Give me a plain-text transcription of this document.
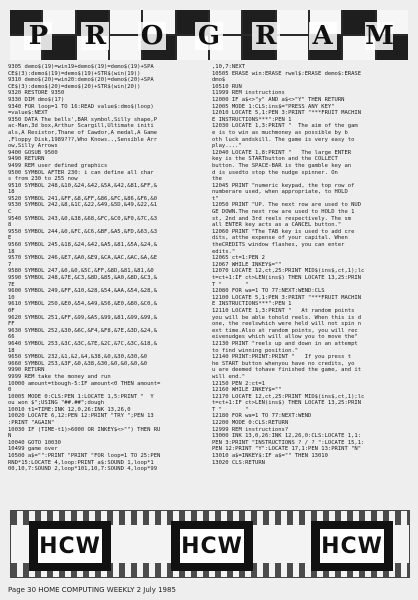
P R O G R A M
9305 demo$(19)=win19+demo$(19)=demo$(19)+SPA
CE$(3):demo$(19)=demo$(19)+STR$(win(19))
9310 demo$(20)=win20:demo$(20)=demo$(20)+SPA
CE$(3):demo$(20)=demo$(20)+STR$(win(20))
9320 RESTORE 9350
9330 DIM dmo$(17)
9340 FOR loop=1 TO 16:READ value$:dmo$(loop)
=value$:NEXT
9350 DATA The bells',BAR symbol,Silly shape,P
ac-Man,3d box,Arthur Scargill,Ultimate initi
als,A Resistor,Thane of Cawdor,A medal,A Game
,Floppy Disk,1989???,Who Knows..,Sensible Arr
ow,Silly Arrows
9400 GOSUB 9500
9490 RETURN
9499 REM user defined graphics
9500 SYMBOL AFTER 230: i can define all char
s from 230 to 255 now
9510 SYMBOL 248,&10,&24,&42,&5A,&42,&81,&FF,&
18
9520 SYMBOL 241,&FF,&8,&FF,&86,&FC,&86,&F6,&0
9530 SYMBOL 242,&8,&1C,&22,&49,&5D,&49,&22,&1
C
9540 SYMBOL 243,&0,&38,&68,&FC,&C0,&F0,&7C,&3
8
9550 SYMBOL 244,&0,&FC,&C6,&BF,&A5,&FD,&63,&3
E
9560 SYMBOL 245,&18,&24,&42,&A5,&81,&5A,&24,&
18
9570 SYMBOL 246,&E7,&A0,&E9,&CA,&AC,&AC,&A,&E
7
9580 SYMBOL 247,&0,&0,&5C,&FF,&8D,&81,&81,&0
9590 SYMBOL 248,&7E,&C3,&8D,&85,&A0,&8D,&C3,&
7E
9600 SYMBOL 249,&FF,&10,&28,&54,&AA,&54,&28,&
10
9610 SYMBOL 250,&E0,&54,&49,&56,&E0,&80,&C0,&
0F
9620 SYMBOL 251,&FF,&99,&A5,&99,&81,&99,&99,&
FF
9630 SYMBOL 252,&30,&6C,&F4,&F8,&7E,&3D,&24,&
66
9640 SYMBOL 253,&3C,&3C,&7E,&2C,&7C,&3C,&18,&
18
9650 SYMBOL 232,&1,&2,&4,&38,&0,&30,&30,&0
9660 SYMBOL 253,&3F,&0,&38,&30,&0,&0,&0,&0
9990 RETURN
9999 REM take the money and run
10000 amount=tbough-5:IF amount<0 THEN amount=
0
10005 MODE 0:CLS:PEN 1:LOCATE 1,5:PRINT "  Y
ou won $";USING "##.##";dough
10010 t1=TIME:INK 12,0,26:INK 13,26,0
10020 LOCATE 6,12:PEN 12:PRINT "TRY ";PEN 13
:PRINT "AGAIN"
10030 IF (TIME-t1)>6000 OR INKEY$<>"") THEN RU
N
10040 GOTO 10030
10499 game over
10500 a$="":PRINT "PRINT "FOR loop=1 TO 25:PEN
RND*15:LOCATE 4,loop:PRINT a$:SOUND 1,loop*1
00,10,7:SOUND 2,loop*101,10,7:SOUND 4,loop*99
,10,7:NEXT
10505 ERASE win:ERASE rwel$:ERASE demo$:ERASE
dmo$
10510 RUN
11999 REM instructions
12000 IF a$<>"y" AND a$<>"Y" THEN RETURN
12005 MODE 1:CLS:ins$="PRESS ANY KEY"
12010 LOCATE 5,1:PEN 3:PRINT "***FRUIT MACHIN
E INSTRUCTIONS***":PEN 1
12030 LOCATE 1,3:PRINT "  The aim of the gam
e is to win as muchmoney as possible by b
oth luck andskill. The game is very easy to
play...."
12040 LOCATE 1,8:PRINT "   The large ENTER
key is the STARTbutton and the COLLECT
button. The SPACE-BAR is the gamble key an
d is usedto stop the nudge spinner. On
the
12045 PRINT "numeric keypad, the top row of
numberare used, when appropriate, to HOLD
t"
12050 PRINT "UP. The next row are used to NUD
GE DOWN.The next row are used to HOLD the 1
st, 2nd and 3rd reels respectively. The sm
all ENTER key acts as a CANCEL button."
12060 PRINT "The TAB key is used to add cre
dits, atthe expense of your capital. When
theCREDITS window flashes, you can enter
edits."
12065 ct=1:PEN 2
12067 WHILE INKEY$=""
12070 LOCATE 12,ct,25:PRINT MID$(ins$,ct,1);lc
t=ct+1:IF ct>LEN(ins$) THEN LOCATE 13,25:PRIN
T "       "
12080 FOR wa=1 TO 77:NEXT:WEND:CLS
12100 LOCATE 5,1:PEN 3:PRINT "***FRUIT MACHIN
E INSTRUCTIONS***":PEN 1
12110 LOCATE 1,3:PRINT "   At random points
you will be able tohold reels. When this is d
one, the reelswhich were held will not spin n
ext time.Also at random points, you will rec
eivenudges which will allow you to move the"
12130 PRINT "reels up and down in an attempt
to find winning position."
12140 PRINT:PRINT:PRINT "   If you press t
he START button whenyou have no credits, yo
u are deemed tohave finished the game, and it
will end."
12150 PEN 2:ct=1
12160 WHILE INKEY$=""
12170 LOCATE 12,ct,25:PRINT MID$(ins$,ct,1);lc
t=ct+1:IF ct>LEN(ins$) THEN LOCATE 13,25:PRIN
T "       "
12180 FOR wa=1 TO 77:NEXT:WEND
12200 MODE 0:CLS:RETURN
12999 REM instructions?
13000 INK 13,0,26:INK 12,26,0:CLS:LOCATE 1,1:
PEN 3:PRINT "INSTRUCTIONS ? / ? ":LOCATE 15,1:
PEN 12:PRINT "Y":LOCATE 17,1:PEN 13:PRINT "N"
13010 a$=INKEY$:IF a$="" THEN 13010
13020 CLS:RETURN
HCW	HCW	HCW
Page 30 HOME COMPUTING WEEKLY 2 July 1985
